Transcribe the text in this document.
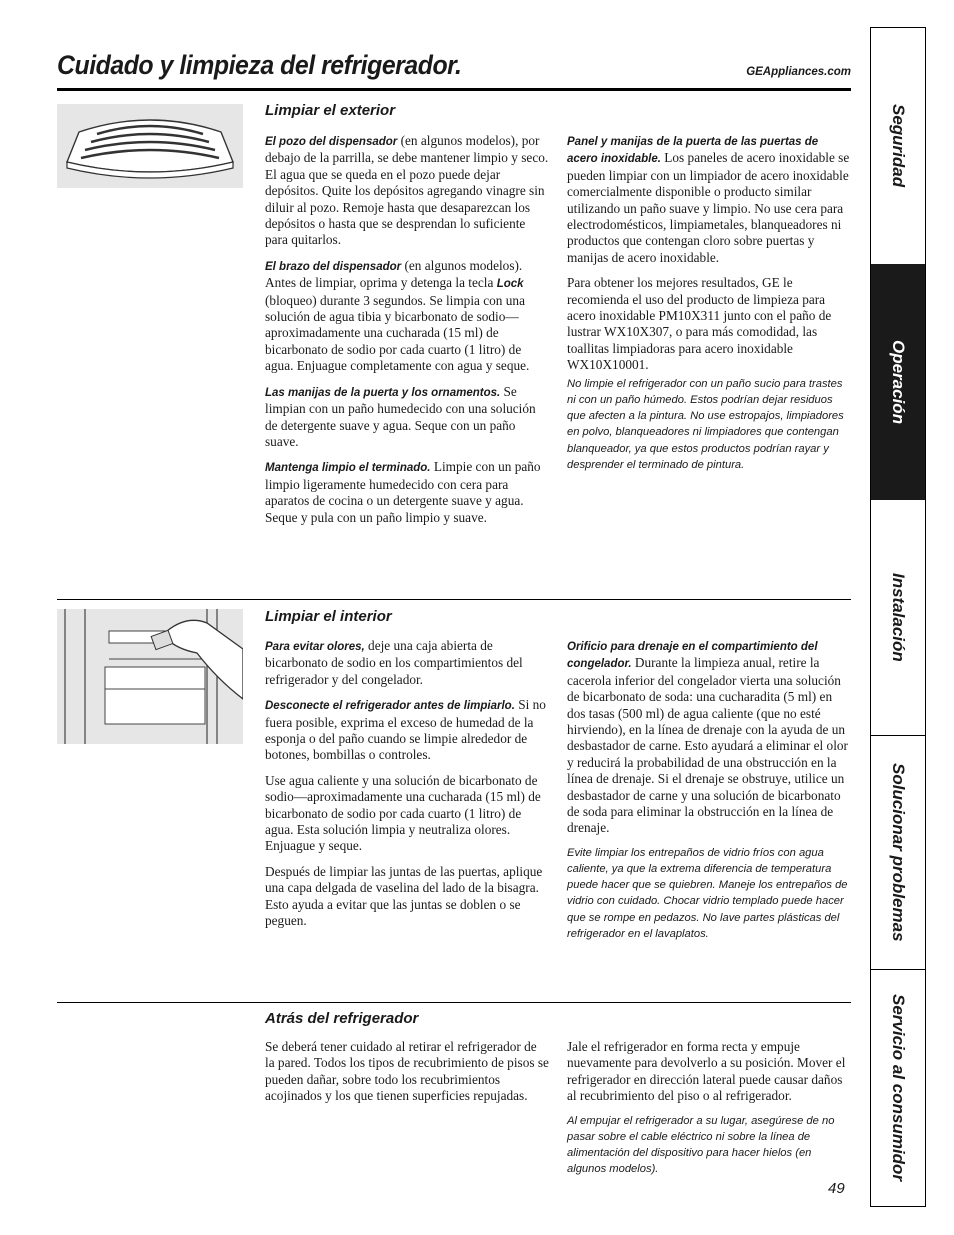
Cuidado y limpieza del refrigerador.	GEAppliances.com
Limpiar el exterior

El pozo del dispensador (en algunos modelos), por debajo de la parrilla, se debe mantener limpio y seco. El agua que se queda en el pozo puede dejar depósitos. Quite los depósitos agregando vinagre sin diluir al pozo. Remoje hasta que desaparezcan los depósitos o hasta que se desprendan lo suficiente para quitarlos.

El brazo del dispensador (en algunos modelos). Antes de limpiar, oprima y detenga la tecla Lock (bloqueo) durante 3 segundos. Se limpia con una solución de agua tibia y bicarbonato de sodio—aproximadamente una cucharada (15 ml) de bicarbonato de sodio por cada cuarto (1 litro) de agua. Enjuague completamente con agua y seque.

Las manijas de la puerta y los ornamentos. Se limpian con un paño humedecido con una solución de detergente suave y agua. Seque con un paño suave.

Mantenga limpio el terminado. Limpie con un paño limpio ligeramente humedecido con cera para aparatos de cocina o un detergente suave y agua. Seque y pula con un paño limpio y suave.

Panel y manijas de la puerta de las puertas de acero inoxidable. Los paneles de acero inoxidable se pueden limpiar con un limpiador de acero inoxidable comercialmente disponible o producto similar utilizando un paño suave y limpio. No use cera para electrodomésticos, limpiametales, blanqueadores ni productos que contengan cloro sobre puertas y manijas de acero inoxidable.

Para obtener los mejores resultados, GE le recomienda el uso del producto de limpieza para acero inoxidable PM10X311 junto con el paño de lustrar WX10X307, o para más comodidad, las toallitas limpiadoras para acero inoxidable WX10X10001.

No limpie el refrigerador con un paño sucio para trastes ni con un paño húmedo. Estos podrían dejar residuos que afecten a la pintura. No use estropajos, limpiadores en polvo, blanqueadores ni limpiadores que contengan blanqueador, ya que estos productos podrían rayar y desprender el terminado de pintura.

Limpiar el interior

Para evitar olores, deje una caja abierta de bicarbonato de sodio en los compartimientos del refrigerador y del congelador.

Desconecte el refrigerador antes de limpiarlo. Si no fuera posible, exprima el exceso de humedad de la esponja o del paño cuando se limpie alrededor de botones, bombillas o controles.

Use agua caliente y una solución de bicarbonato de sodio—aproximadamente una cucharada (15 ml) de bicarbonato de sodio por cada cuarto (1 litro) de agua. Esta solución limpia y neutraliza olores. Enjuague y seque.

Después de limpiar las juntas de las puertas, aplique una capa delgada de vaselina del lado de la bisagra. Esto ayuda a evitar que las juntas se doblen o se peguen.

Orificio para drenaje en el compartimiento del congelador. Durante la limpieza anual, retire la cacerola inferior del congelador vierta una solución de bicarbonato de soda: una cucharadita (5 ml) en dos tasas (500 ml) de agua caliente (que no esté hirviendo), en la línea de drenaje con la ayuda de un desbastador de carne. Esto ayudará a eliminar el olor y reducirá la probabilidad de una obstrucción en la línea de drenaje. Si el drenaje se obstruye, utilice un desbastador de carne y una solución de bicarbonato de soda para eliminar la obstrucción en la línea de drenaje.

Evite limpiar los entrepaños de vidrio fríos con agua caliente, ya que la extrema diferencia de temperatura puede hacer que se quiebren. Maneje los entrepaños de vidrio con cuidado. Chocar vidrio templado puede hacer que se rompe en pedazos. No lave partes plásticas del refrigerador en el lavaplatos.

Atrás del refrigerador

Se deberá tener cuidado al retirar el refrigerador de la pared. Todos los tipos de recubrimiento de pisos se pueden dañar, sobre todo los recubrimientos acojinados y los que tienen superficies repujadas.

Jale el refrigerador en forma recta y empuje nuevamente para devolverlo a su posición. Mover el refrigerador en dirección lateral puede causar daños al recubrimiento del piso o al refrigerador.

Al empujar el refrigerador a su lugar, asegúrese de no pasar sobre el cable eléctrico ni sobre la línea de alimentación del dispositivo para hacer hielos (en algunos modelos).

49
Seguridad
Operación
Instalación
Solucionar problemas
Servicio al consumidor
